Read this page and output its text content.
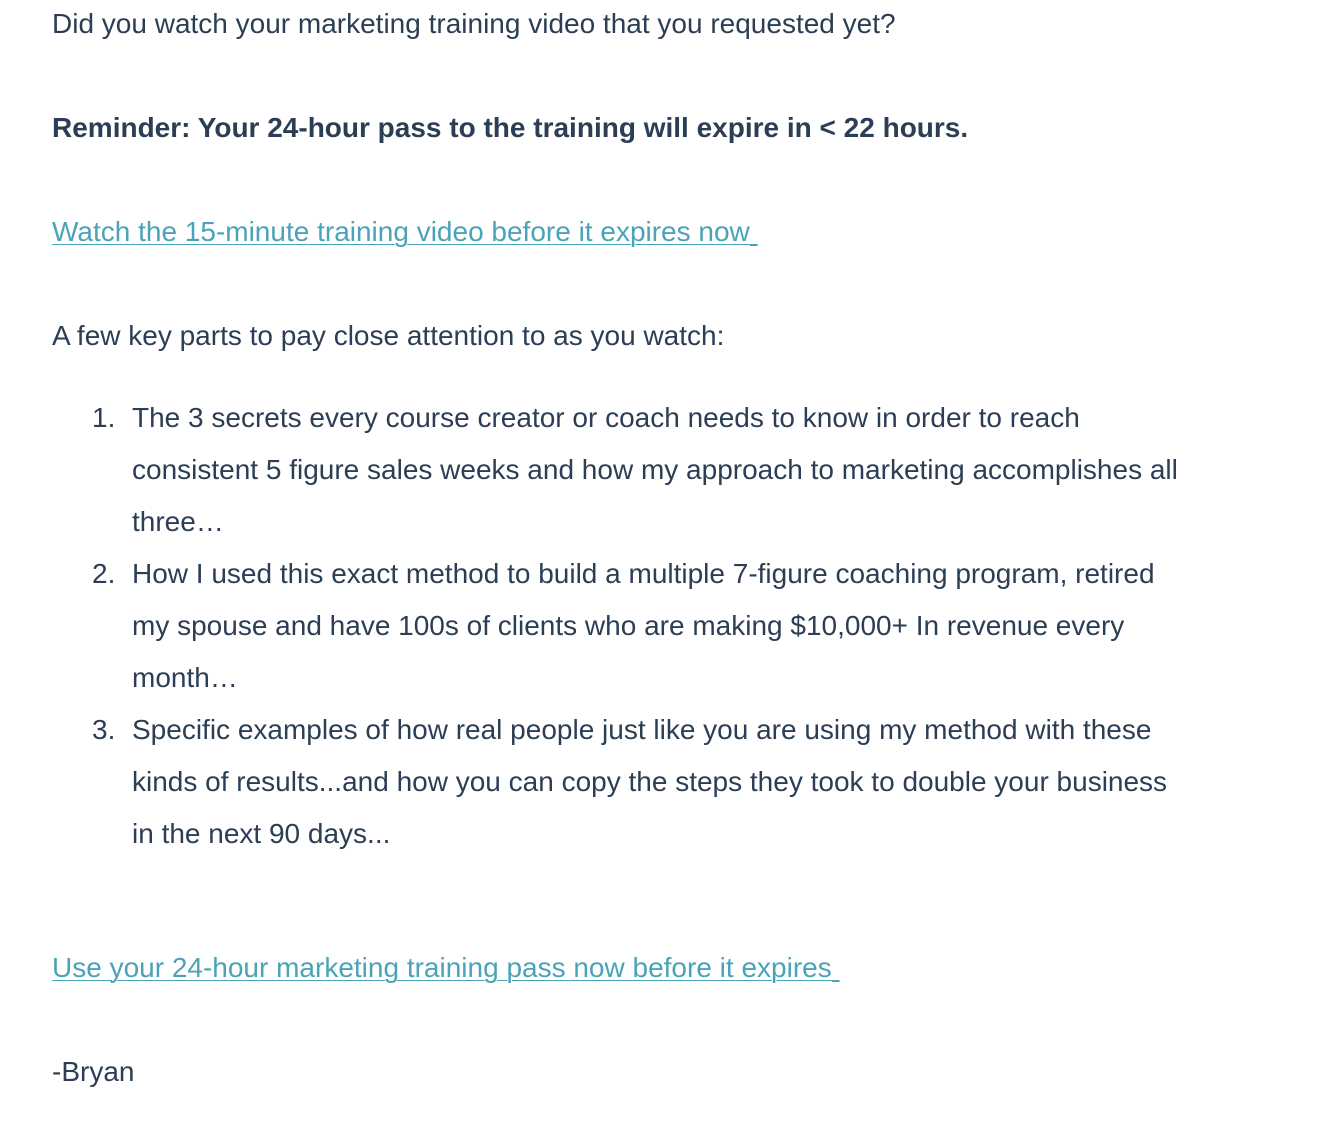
Did you watch your marketing training video that you requested yet?

Reminder: Your 24-hour pass to the training will expire in < 22 hours.

Watch the 15-minute training video before it expires now

A few key parts to pay close attention to as you watch:

1. The 3 secrets every course creator or coach needs to know in order to reach consistent 5 figure sales weeks and how my approach to marketing accomplishes all three…
2. How I used this exact method to build a multiple 7-figure coaching program, retired my spouse and have 100s of clients who are making $10,000+ In revenue every month…
3. Specific examples of how real people just like you are using my method with these kinds of results...and how you can copy the steps they took to double your business in the next 90 days...

Use your 24-hour marketing training pass now before it expires

-Bryan
